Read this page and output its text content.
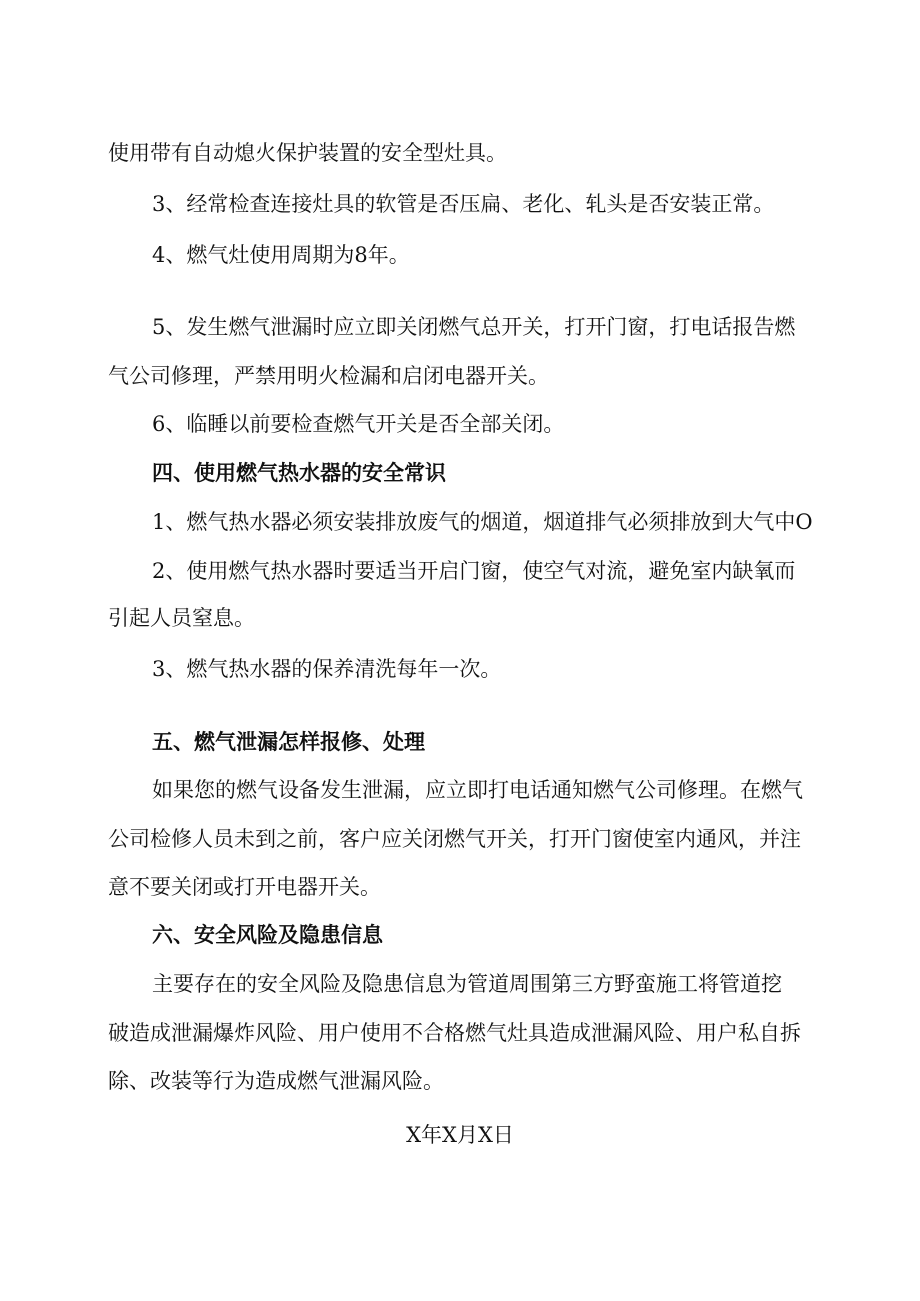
使用带有自动熄火保护装置的安全型灶具。
3、经常检查连接灶具的软管是否压扁、老化、轧头是否安装正常。
4、燃气灶使用周期为8年。
5、发生燃气泄漏时应立即关闭燃气总开关，打开门窗，打电话报告燃
气公司修理，严禁用明火检漏和启闭电器开关。
6、临睡以前要检查燃气开关是否全部关闭。
四、使用燃气热水器的安全常识
1、燃气热水器必须安装排放废气的烟道，烟道排气必须排放到大气中O
2、使用燃气热水器时要适当开启门窗，使空气对流，避免室内缺氧而
引起人员窒息。
3、燃气热水器的保养清洗每年一次。
五、燃气泄漏怎样报修、处理
如果您的燃气设备发生泄漏，应立即打电话通知燃气公司修理。在燃气
公司检修人员未到之前，客户应关闭燃气开关，打开门窗使室内通风，并注
意不要关闭或打开电器开关。
六、安全风险及隐患信息
主要存在的安全风险及隐患信息为管道周围第三方野蛮施工将管道挖
破造成泄漏爆炸风险、用户使用不合格燃气灶具造成泄漏风险、用户私自拆
除、改装等行为造成燃气泄漏风险。
X年X月X日
